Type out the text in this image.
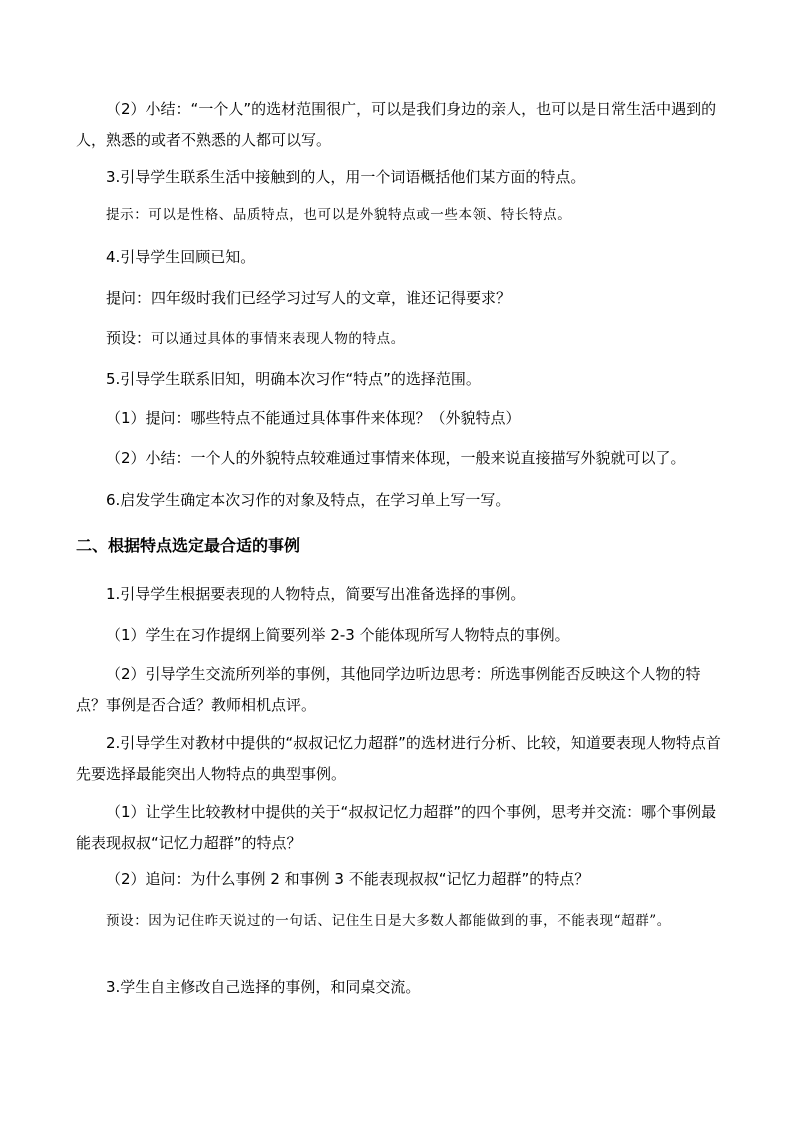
（2）小结：“一个人”的选材范围很广，可以是我们身边的亲人，也可以是日常生活中遇到的人，熟悉的或者不熟悉的人都可以写。

3.引导学生联系生活中接触到的人，用一个词语概括他们某方面的特点。

提示：可以是性格、品质特点，也可以是外貌特点或一些本领、特长特点。

4.引导学生回顾已知。

提问：四年级时我们已经学习过写人的文章，谁还记得要求？

预设：可以通过具体的事情来表现人物的特点。

5.引导学生联系旧知，明确本次习作“特点”的选择范围。

（1）提问：哪些特点不能通过具体事件来体现？（外貌特点）

（2）小结：一个人的外貌特点较难通过事情来体现，一般来说直接描写外貌就可以了。

6.启发学生确定本次习作的对象及特点，在学习单上写一写。

二、根据特点选定最合适的事例

1.引导学生根据要表现的人物特点，简要写出准备选择的事例。

（1）学生在习作提纲上简要列举 2-3 个能体现所写人物特点的事例。

（2）引导学生交流所列举的事例，其他同学边听边思考：所选事例能否反映这个人物的特点？事例是否合适？教师相机点评。

2.引导学生对教材中提供的“叔叔记忆力超群”的选材进行分析、比较，知道要表现人物特点首先要选择最能突出人物特点的典型事例。

（1）让学生比较教材中提供的关于“叔叔记忆力超群”的四个事例，思考并交流：哪个事例最能表现叔叔“记忆力超群”的特点？

（2）追问：为什么事例 2 和事例 3 不能表现叔叔“记忆力超群”的特点？

预设：因为记住昨天说过的一句话、记住生日是大多数人都能做到的事，不能表现“超群”。

3.学生自主修改自己选择的事例，和同桌交流。
